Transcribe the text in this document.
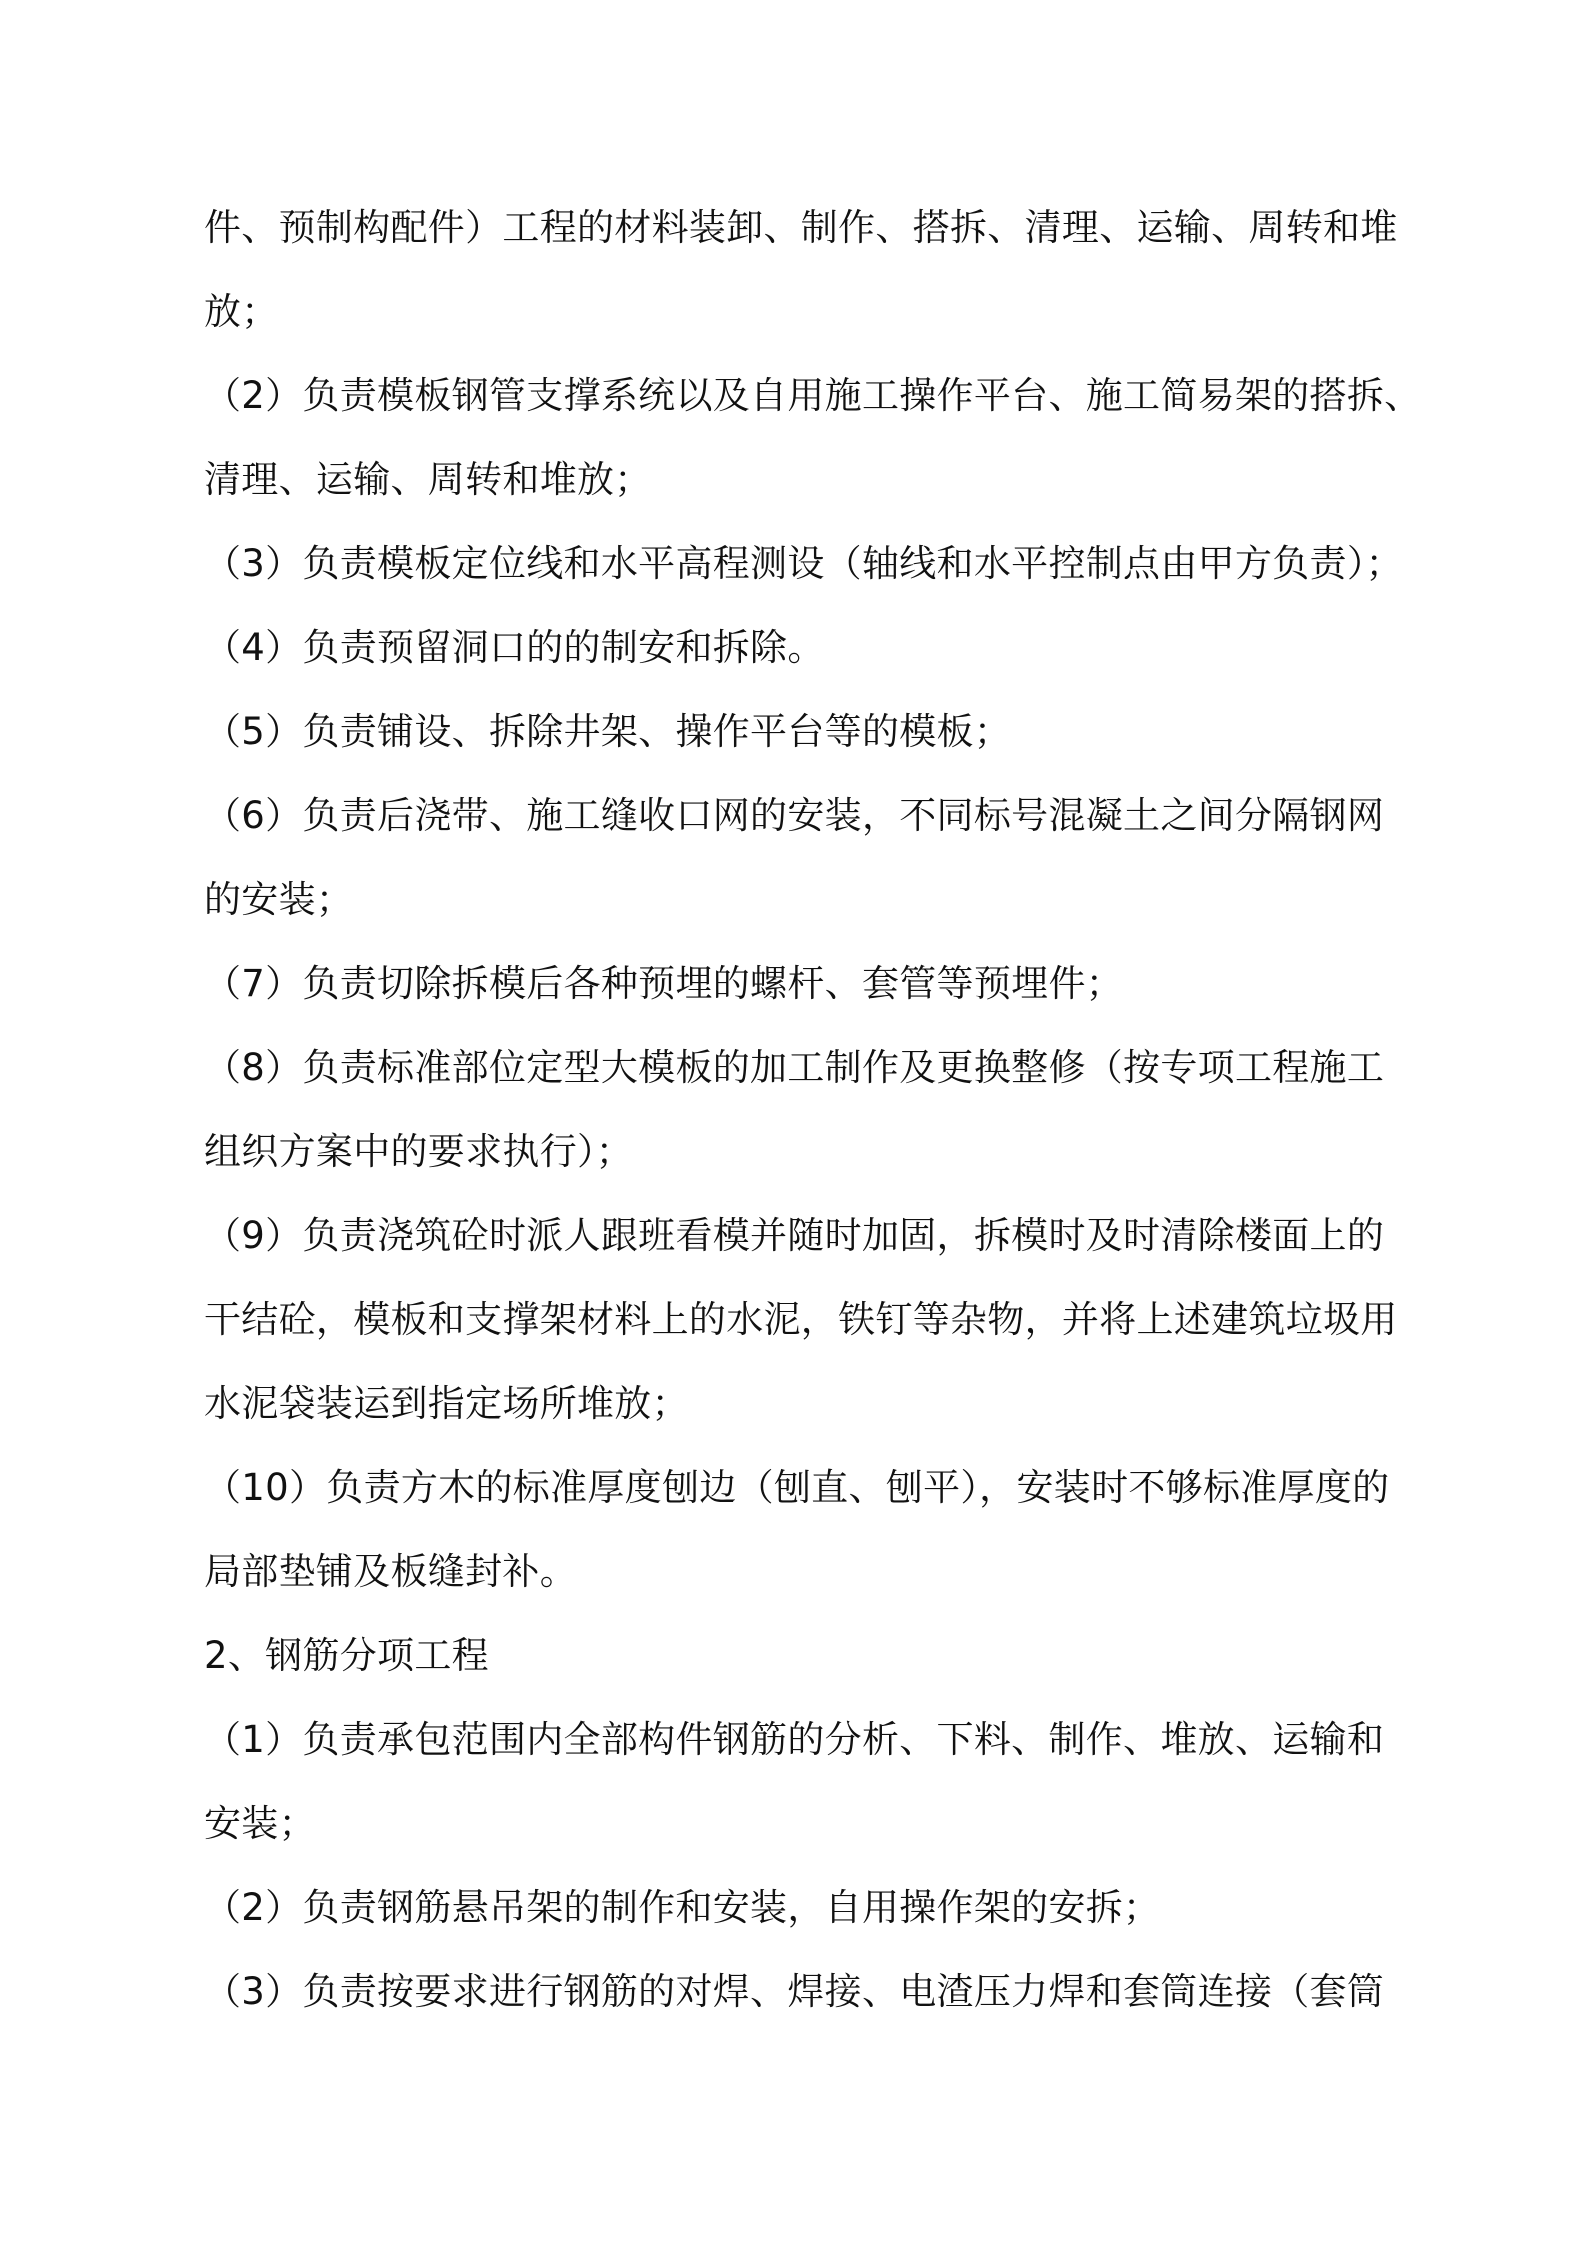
件、预制构配件）工程的材料装卸、制作、搭拆、清理、运输、周转和堆
放；
（2）负责模板钢管支撑系统以及自用施工操作平台、施工简易架的搭拆、
清理、运输、周转和堆放；
（3）负责模板定位线和水平高程测设（轴线和水平控制点由甲方负责）；
（4）负责预留洞口的的制安和拆除。
（5）负责铺设、拆除井架、操作平台等的模板；
（6）负责后浇带、施工缝收口网的安装，不同标号混凝土之间分隔钢网
的安装；
（7）负责切除拆模后各种预埋的螺杆、套管等预埋件；
（8）负责标准部位定型大模板的加工制作及更换整修（按专项工程施工
组织方案中的要求执行）；
（9）负责浇筑砼时派人跟班看模并随时加固，拆模时及时清除楼面上的
干结砼，模板和支撑架材料上的水泥，铁钉等杂物，并将上述建筑垃圾用
水泥袋装运到指定场所堆放；
（10）负责方木的标准厚度刨边（刨直、刨平），安装时不够标准厚度的
局部垫铺及板缝封补。
2、钢筋分项工程
（1）负责承包范围内全部构件钢筋的分析、下料、制作、堆放、运输和
安装；
（2）负责钢筋悬吊架的制作和安装，自用操作架的安拆；
（3）负责按要求进行钢筋的对焊、焊接、电渣压力焊和套筒连接（套筒
